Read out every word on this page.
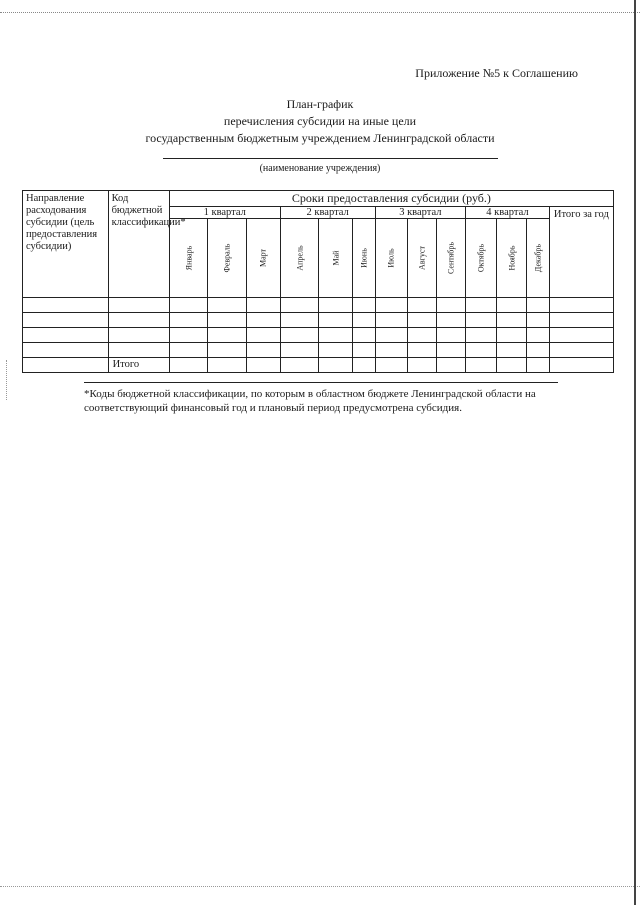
Приложение №5 к Соглашению
План-график
перечисления субсидии на иные цели
государственным бюджетным учреждением Ленинградской области
(наименование учреждения)
Направление расходования субсидии (цель предоставления субсидии)	Код бюджетной классификации*	Сроки предоставления субсидии (руб.)												
		1 квартал			2 квартал			3 квартал			4 квартал			Итого за год

		Январь	Февраль	Март	Апрель	Май	Июнь	Июль	Август	Сентябрь	Октябрь	Ноябрь	Декабрь	

	Итого													

*Коды бюджетной классификации, по которым в областном бюджете Ленинградской области на соответствующий финансовый год и плановый период предусмотрена субсидия.
